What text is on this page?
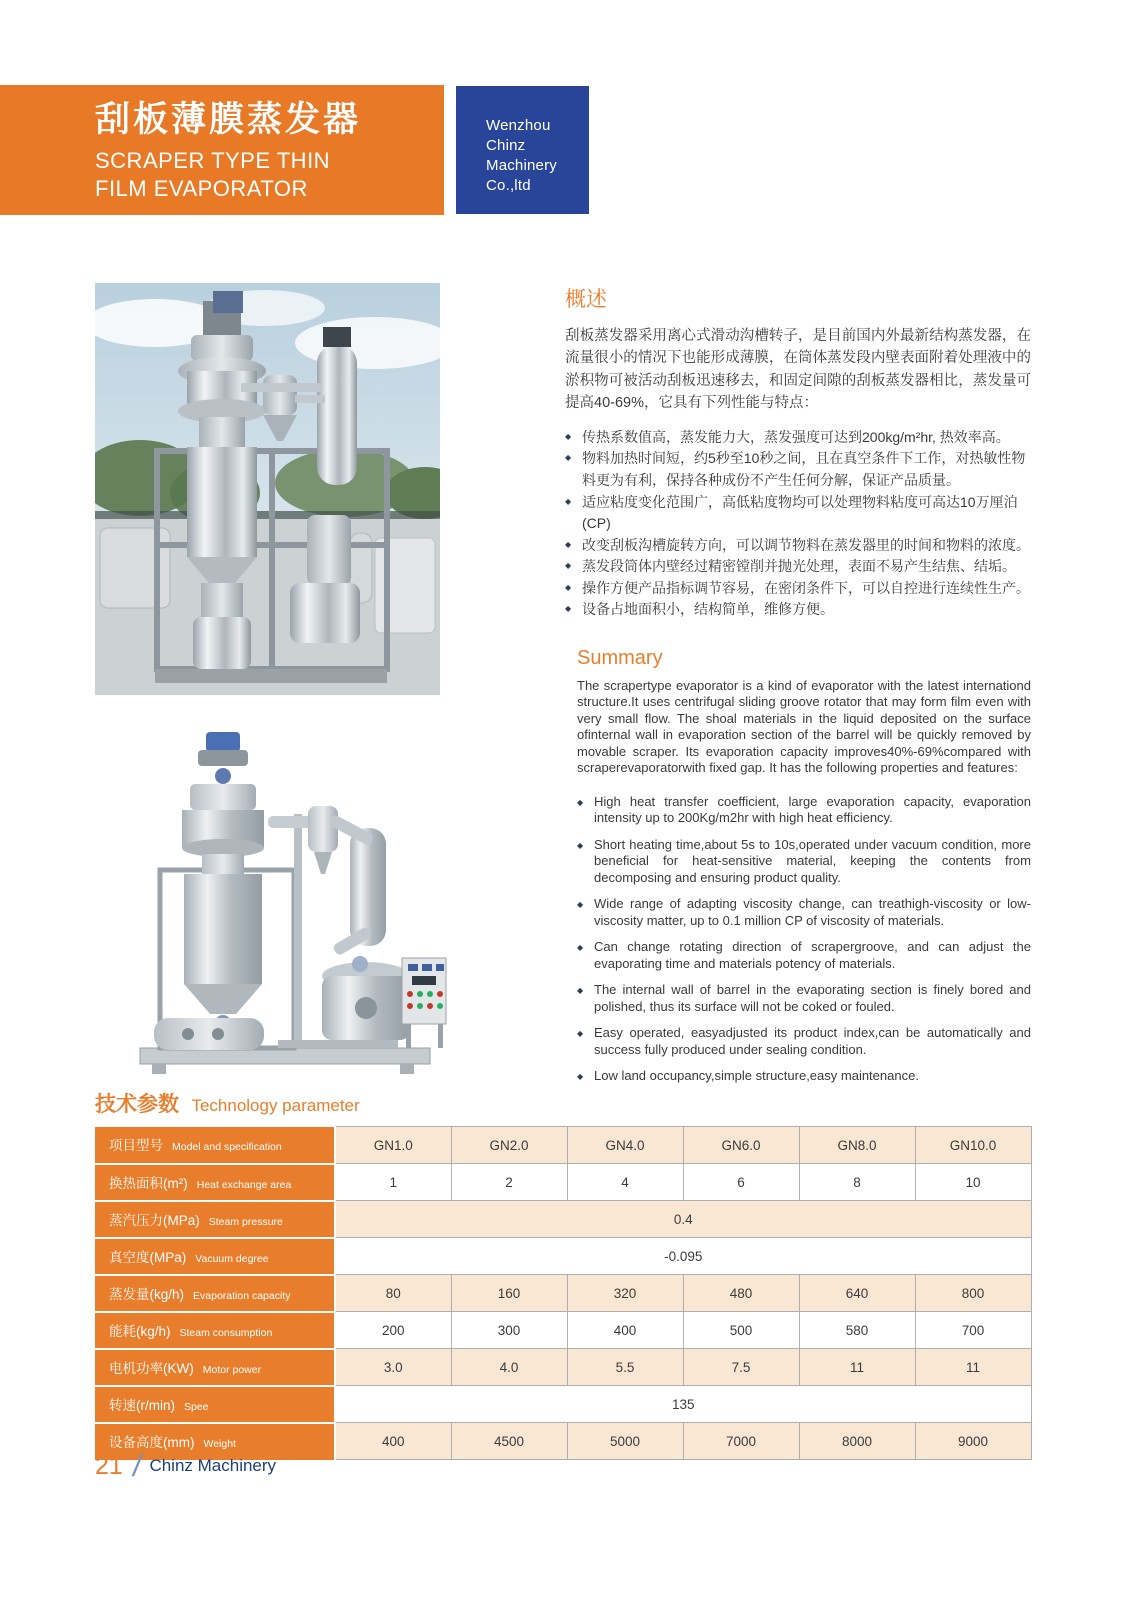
刮板薄膜蒸发器
SCRAPER TYPE THIN
FILM EVAPORATOR
Wenzhou
Chinz
Machinery
Co.,ltd
概述

刮板蒸发器采用离心式滑动沟槽转子，是目前国内外最新结构蒸发器，在流量很小的情况下也能形成薄膜，在筒体蒸发段内壁表面附着处理液中的淤积物可被活动刮板迅速移去，和固定间隙的刮板蒸发器相比，蒸发量可提高40-69%，它具有下列性能与特点：

◆ 传热系数值高，蒸发能力大，蒸发强度可达到200kg/m²hr, 热效率高。
◆ 物料加热时间短，约5秒至10秒之间，且在真空条件下工作，对热敏性物料更为有利，保持各种成份不产生任何分解，保证产品质量。
◆ 适应粘度变化范围广，高低粘度物均可以处理物料粘度可高达10万厘泊(CP)
◆ 改变刮板沟槽旋转方向，可以调节物料在蒸发器里的时间和物料的浓度。
◆ 蒸发段筒体内壁经过精密镗削并抛光处理，表面不易产生结焦、结垢。
◆ 操作方便产品指标调节容易，在密闭条件下，可以自控进行连续性生产。
◆ 设备占地面积小，结构简单，维修方便。
Summary

The scrapertype evaporator is a kind of evaporator with the latest internationd structure.It uses centrifugal sliding groove rotator that may form film even with very small flow. The shoal materials in the liquid deposited on the surface ofinternal wall in evaporation section of the barrel will be quickly removed by movable scraper. Its evaporation capacity improves40%-69%compared with scraperevaporatorwith fixed gap. It has the following properties and features:

◆ High heat transfer coefficient, large evaporation capacity, evaporation intensity up to 200Kg/m2hr with high heat efficiency.
◆ Short heating time,about 5s to 10s,operated under vacuum condition, more beneficial for heat-sensitive material, keeping the contents from decomposing and ensuring product quality.
◆ Wide range of adapting viscosity change, can treathigh-viscosity or low-viscosity matter, up to 0.1 million CP of viscosity of materials.
◆ Can change rotating direction of scrapergroove, and can adjust the evaporating time and materials potency of materials.
◆ The internal wall of barrel in the evaporating section is finely bored and polished, thus its surface will not be coked or fouled.
◆ Easy operated, easyadjusted its product index,can be automatically and success fully produced under sealing condition.
◆ Low land occupancy,simple structure,easy maintenance.
技术参数 Technology parameter
项目型号 Model and specification	GN1.0	GN2.0	GN4.0	GN6.0	GN8.0	GN10.0
换热面积(m²) Heat exchange area	1	2	4	6	8	10
蒸汽压力(MPa) Steam pressure	0.4					
真空度(MPa) Vacuum degree	-0.095					
蒸发量(kg/h) Evaporation capacity	80	160	320	480	640	800
能耗(kg/h) Steam consumption	200	300	400	500	580	700
电机功率(KW) Motor power	3.0	4.0	5.5	7.5	11	11
转速(r/min) Spee	135					
设备高度(mm) Weight	400	4500	5000	7000	8000	9000
21 / Chinz Machinery
